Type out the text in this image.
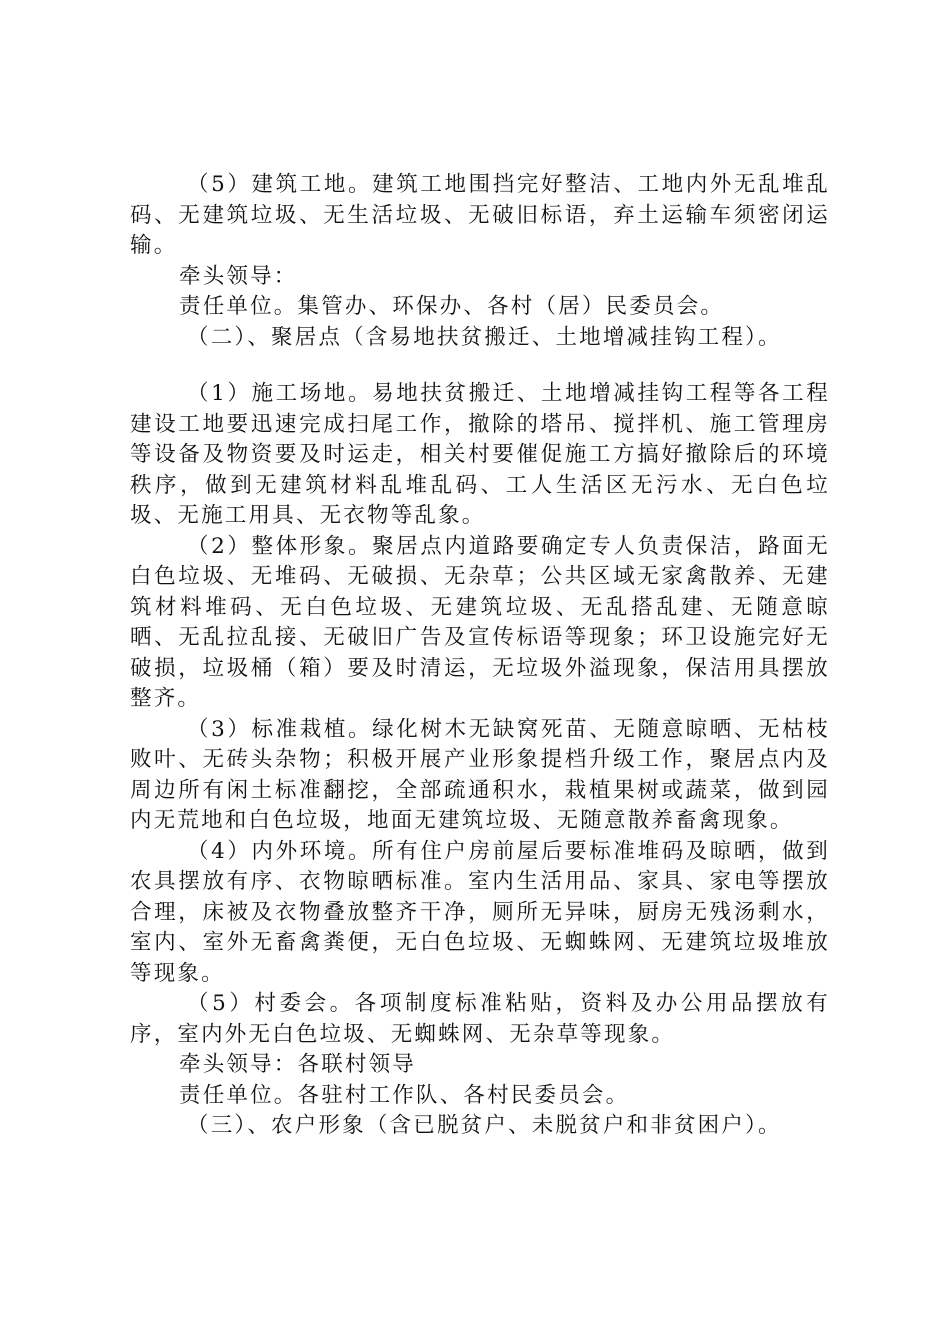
（5）建筑工地。建筑工地围挡完好整洁、工地内外无乱堆乱码、无建筑垃圾、无生活垃圾、无破旧标语，弃土运输车须密闭运输。

牵头领导：

责任单位。集管办、环保办、各村（居）民委员会。

（二）、聚居点（含易地扶贫搬迁、土地增减挂钩工程）。

（1）施工场地。易地扶贫搬迁、土地增减挂钩工程等各工程建设工地要迅速完成扫尾工作，撤除的塔吊、搅拌机、施工管理房等设备及物资要及时运走，相关村要催促施工方搞好撤除后的环境秩序，做到无建筑材料乱堆乱码、工人生活区无污水、无白色垃圾、无施工用具、无衣物等乱象。

（2）整体形象。聚居点内道路要确定专人负责保洁，路面无白色垃圾、无堆码、无破损、无杂草；公共区域无家禽散养、无建筑材料堆码、无白色垃圾、无建筑垃圾、无乱搭乱建、无随意晾晒、无乱拉乱接、无破旧广告及宣传标语等现象；环卫设施完好无破损，垃圾桶（箱）要及时清运，无垃圾外溢现象，保洁用具摆放整齐。

（3）标准栽植。绿化树木无缺窝死苗、无随意晾晒、无枯枝败叶、无砖头杂物；积极开展产业形象提档升级工作，聚居点内及周边所有闲土标准翻挖，全部疏通积水，栽植果树或蔬菜，做到园内无荒地和白色垃圾，地面无建筑垃圾、无随意散养畜禽现象。

（4）内外环境。所有住户房前屋后要标准堆码及晾晒，做到农具摆放有序、衣物晾晒标准。室内生活用品、家具、家电等摆放合理，床被及衣物叠放整齐干净，厕所无异味，厨房无残汤剩水，室内、室外无畜禽粪便，无白色垃圾、无蜘蛛网、无建筑垃圾堆放等现象。

（5）村委会。各项制度标准粘贴，资料及办公用品摆放有序，室内外无白色垃圾、无蜘蛛网、无杂草等现象。

牵头领导：各联村领导

责任单位。各驻村工作队、各村民委员会。

（三）、农户形象（含已脱贫户、未脱贫户和非贫困户）。
